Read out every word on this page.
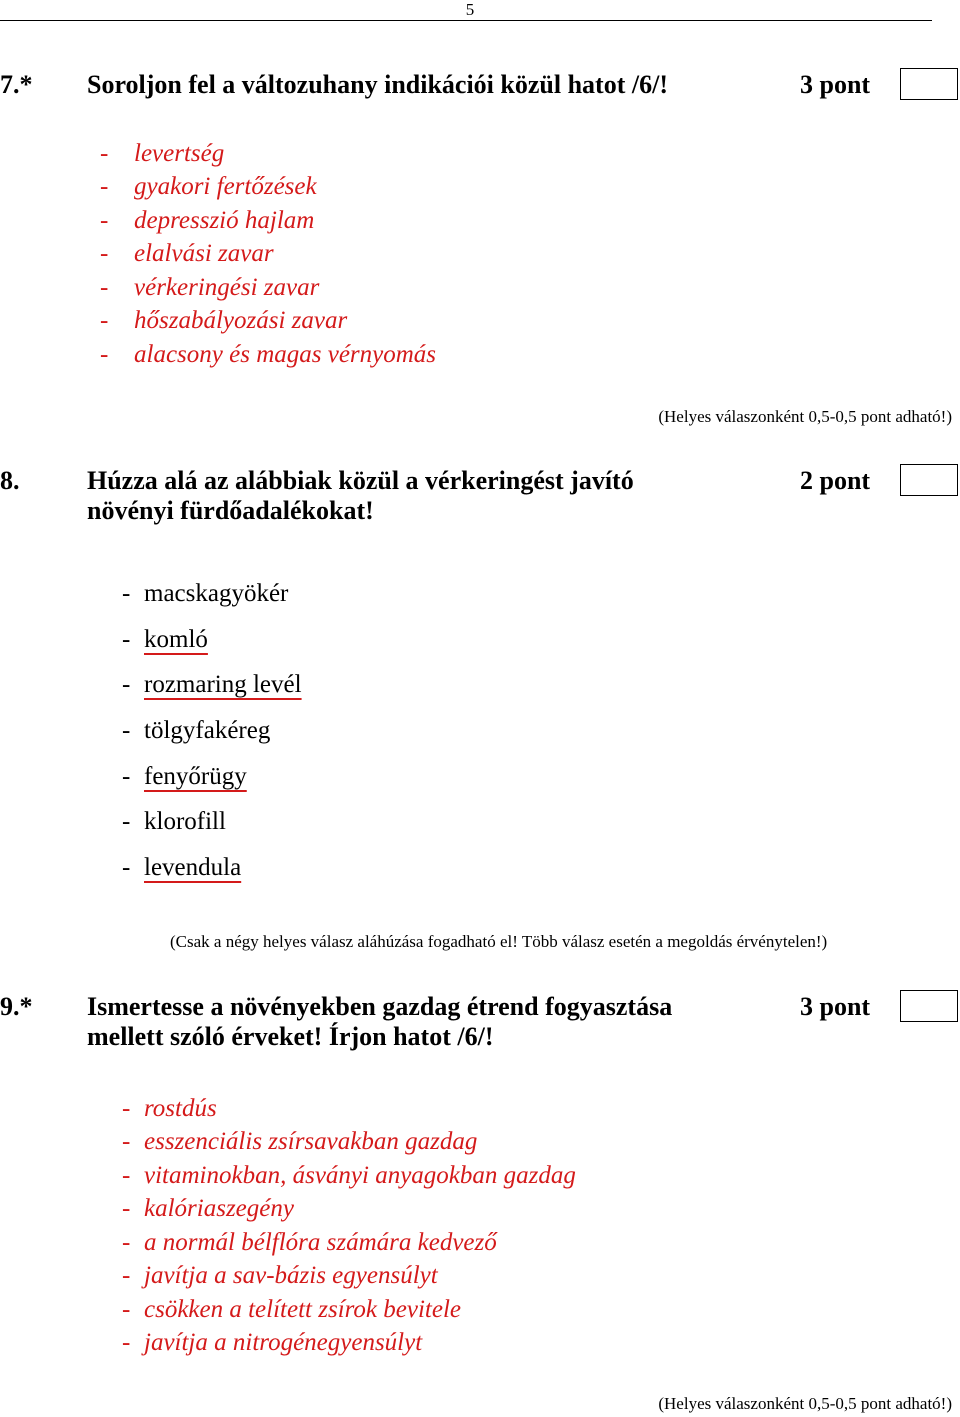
5
7.* Soroljon fel a változuhany indikációi közül hatot /6/!	3 pont
- levertség
- gyakori fertőzések
- depresszió hajlam
- elalvási zavar
- vérkeringési zavar
- hőszabályozási zavar
- alacsony és magas vérnyomás
(Helyes válaszonként 0,5-0,5 pont adható!)
8.	Húzza alá az alábbiak közül a vérkeringést javító
növényi fürdőadalékokat!
2 pont
- macskagyökér
- komló
- rozmaring levél
- tölgyfakéreg
- fenyőrügy
- klorofill
- levendula
(Csak a négy helyes válasz aláhúzása fogadható el! Több válasz esetén a megoldás érvénytelen!)
9.* Ismertesse a növényekben gazdag étrend fogyasztása
mellett szóló érveket! Írjon hatot /6/!
3 pont
- rostdús
- esszenciális zsírsavakban gazdag
- vitaminokban, ásványi anyagokban gazdag
- kalóriaszegény
- a normál bélflóra számára kedvező
- javítja a sav-bázis egyensúlyt
- csökken a telített zsírok bevitele
- javítja a nitrogénegyensúlyt
(Helyes válaszonként 0,5-0,5 pont adható!)
